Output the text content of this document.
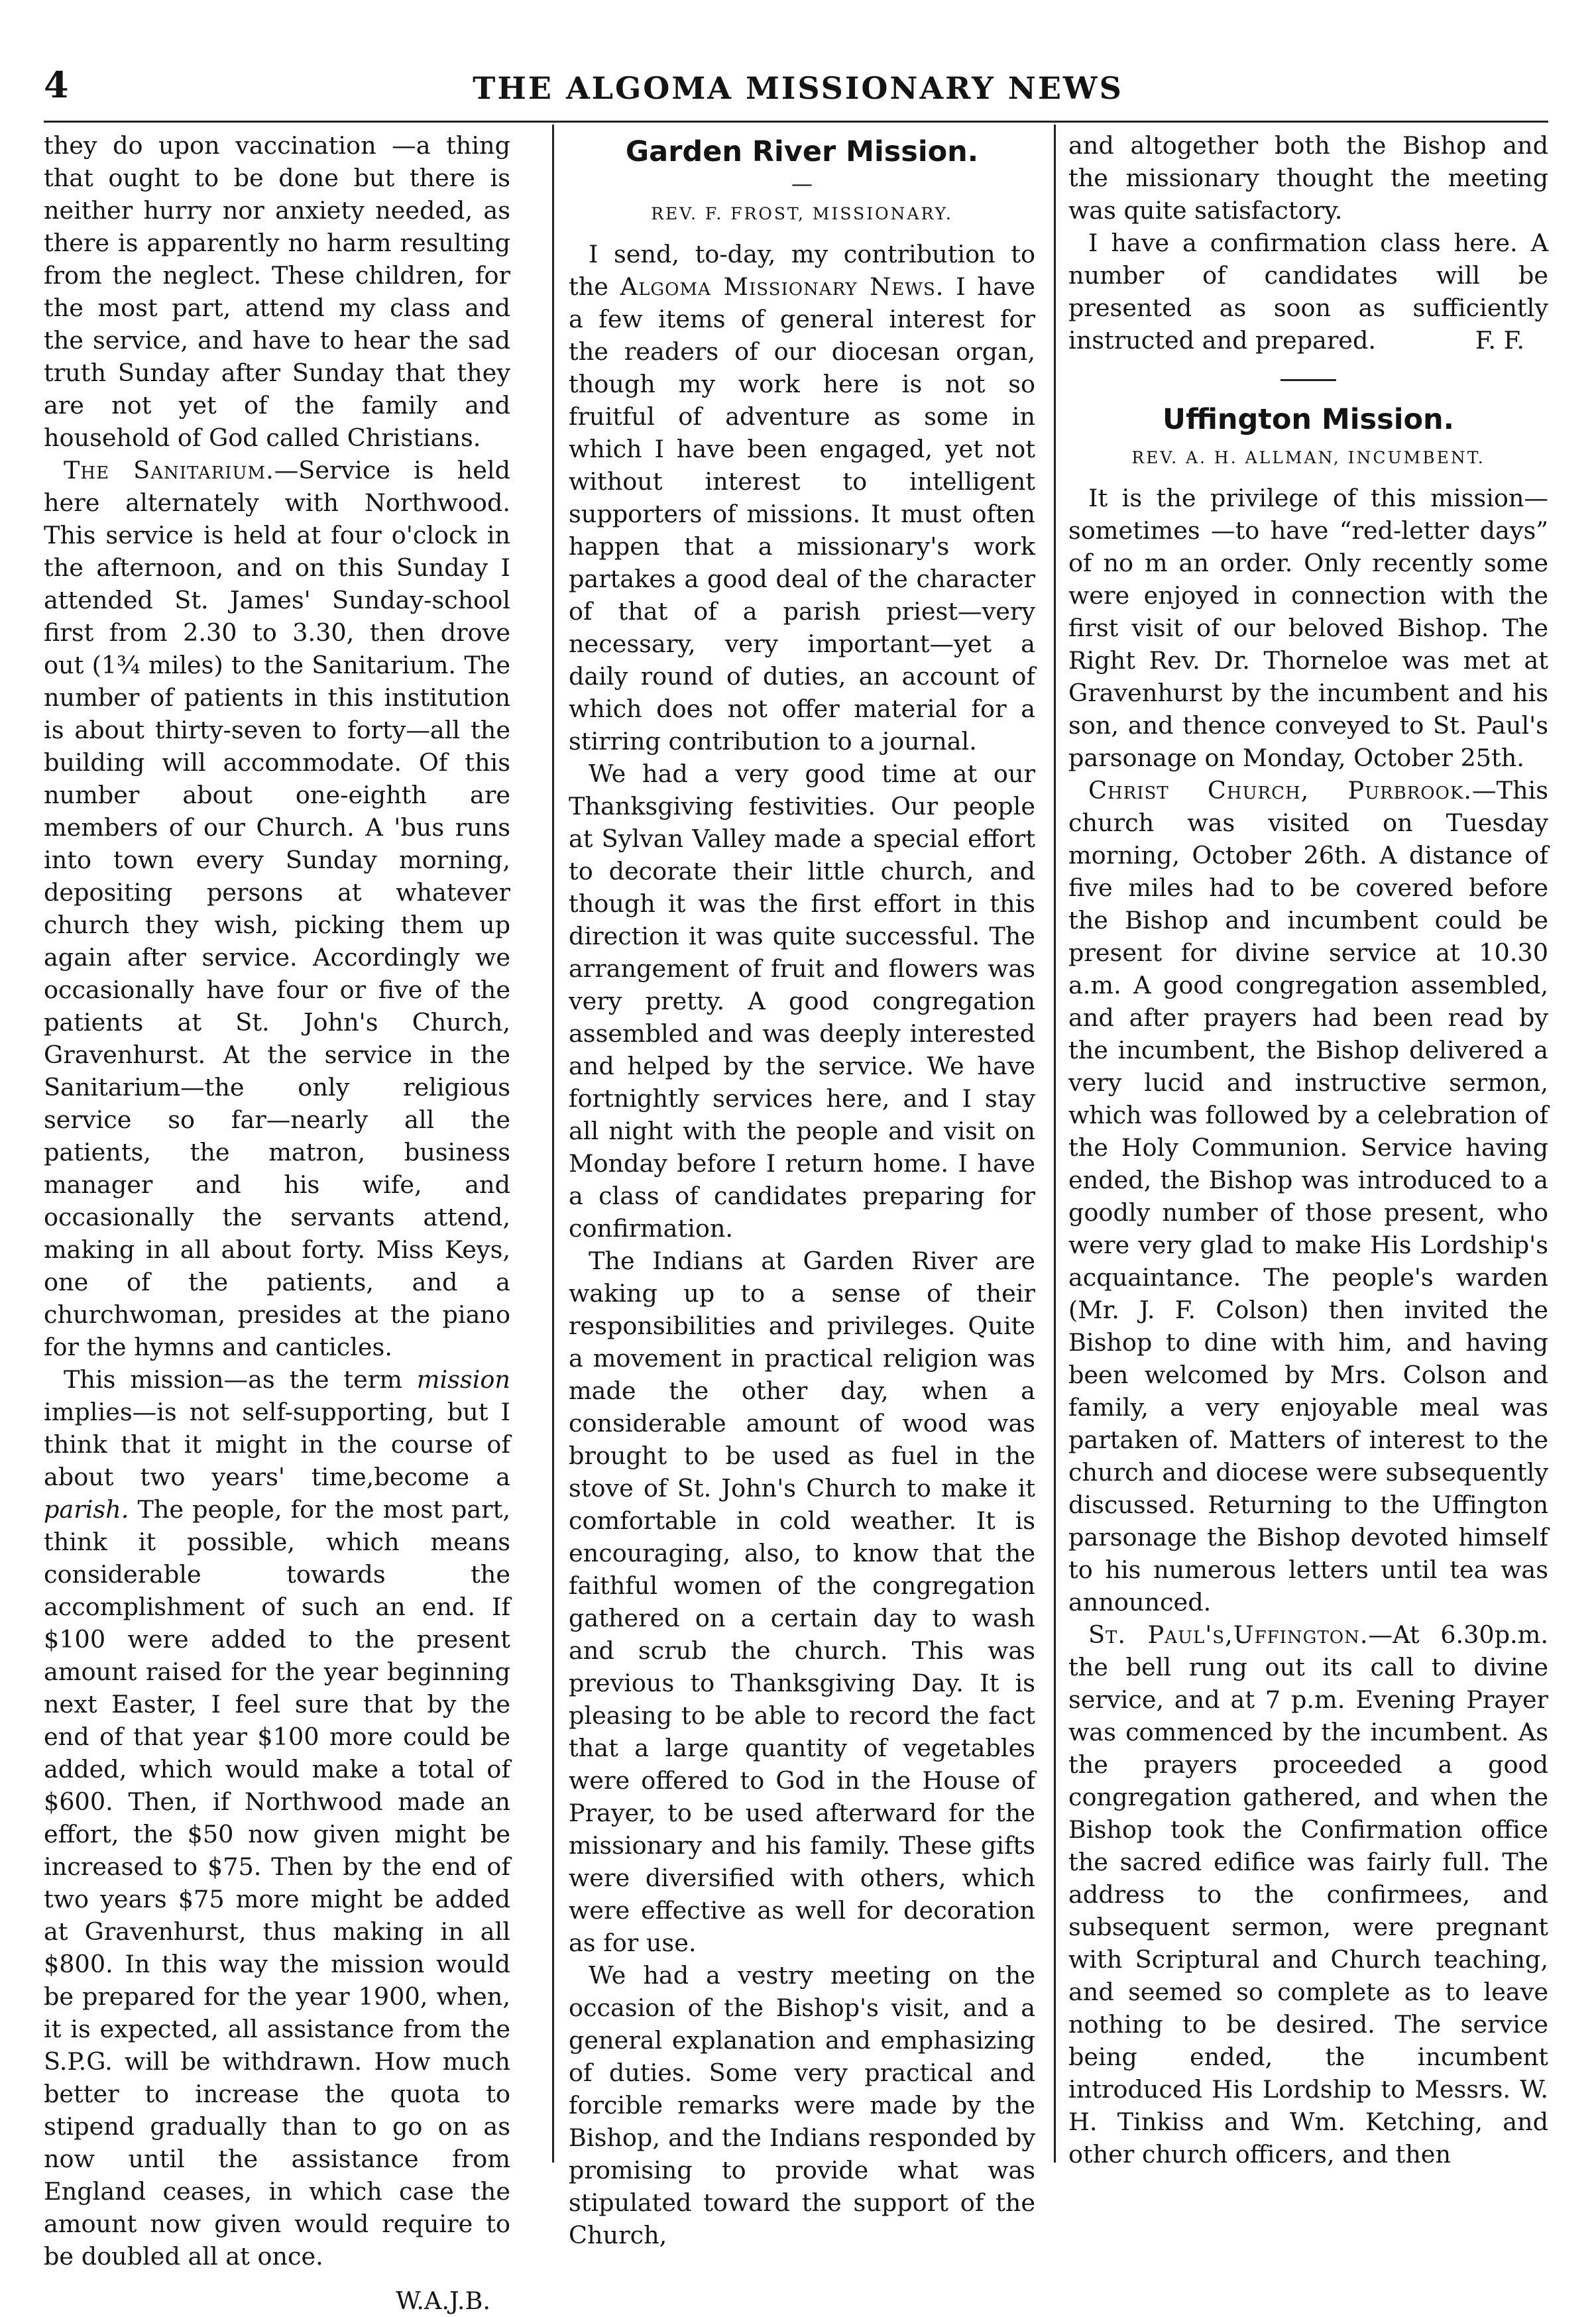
4	THE ALGOMA MISSIONARY NEWS

they do upon vaccination —a thing that ought to be done but there is neither hurry nor anxiety needed, as there is apparently no harm resulting from the neglect. These children, for the most part, attend my class and the service, and have to hear the sad truth Sunday after Sunday that they are not yet of the family and household of God called Christians.

The Sanitarium.—Service is held here alternately with Northwood. This service is held at four o'clock in the afternoon, and on this Sunday I attended St. James' Sunday-school first from 2.30 to 3.30, then drove out (1¾ miles) to the Sanitarium. The number of patients in this institution is about thirty-seven to forty—all the building will accommodate. Of this number about one-eighth are members of our Church. A 'bus runs into town every Sunday morning, depositing persons at whatever church they wish, picking them up again after service. Accordingly we occasionally have four or five of the patients at St. John's Church, Gravenhurst. At the service in the Sanitarium—the only religious service so far—nearly all the patients, the matron, business manager and his wife, and occasionally the servants attend, making in all about forty. Miss Keys, one of the patients, and a churchwoman, presides at the piano for the hymns and canticles.

This mission—as the term mission implies—is not self-supporting, but I think that it might in the course of about two years' time,become a parish. The people, for the most part, think it possible, which means considerable towards the accomplishment of such an end. If $100 were added to the present amount raised for the year beginning next Easter, I feel sure that by the end of that year $100 more could be added, which would make a total of $600. Then, if Northwood made an effort, the $50 now given might be increased to $75. Then by the end of two years $75 more might be added at Gravenhurst, thus making in all $800. In this way the mission would be prepared for the year 1900, when, it is expected, all assistance from the S.P.G. will be withdrawn. How much better to increase the quota to stipend gradually than to go on as now until the assistance from England ceases, in which case the amount now given would require to be doubled all at once.

W.A.J.B.
Garden River Mission.
—
REV. F. FROST, MISSIONARY.

I send, to-day, my contribution to the Algoma Missionary News. I have a few items of general interest for the readers of our diocesan organ, though my work here is not so fruitful of adventure as some in which I have been engaged, yet not without interest to intelligent supporters of missions. It must often happen that a missionary's work partakes a good deal of the character of that of a parish priest—very necessary, very important—yet a daily round of duties, an account of which does not offer material for a stirring contribution to a journal.

We had a very good time at our Thanksgiving festivities. Our people at Sylvan Valley made a special effort to decorate their little church, and though it was the first effort in this direction it was quite successful. The arrangement of fruit and flowers was very pretty. A good congregation assembled and was deeply interested and helped by the service. We have fortnightly services here, and I stay all night with the people and visit on Monday before I return home. I have a class of candidates preparing for confirmation.

The Indians at Garden River are waking up to a sense of their responsibilities and privileges. Quite a movement in practical religion was made the other day, when a considerable amount of wood was brought to be used as fuel in the stove of St. John's Church to make it comfortable in cold weather. It is encouraging, also, to know that the faithful women of the congregation gathered on a certain day to wash and scrub the church. This was previous to Thanksgiving Day. It is pleasing to be able to record the fact that a large quantity of vegetables were offered to God in the House of Prayer, to be used afterward for the missionary and his family. These gifts were diversified with others, which were effective as well for decoration as for use.

We had a vestry meeting on the occasion of the Bishop's visit, and a general explanation and emphasizing of duties. Some very practical and forcible remarks were made by the Bishop, and the Indians responded by promising to provide what was stipulated toward the support of the Church,

and altogether both the Bishop and the missionary thought the meeting was quite satisfactory.

I have a confirmation class here. A number of candidates will be presented as soon as sufficiently instructed and prepared.	F. F.

Uffington Mission.
REV. A. H. ALLMAN, INCUMBENT.

It is the privilege of this mission—sometimes —to have “red-letter days” of no m an order. Only recently some were enjoyed in connection with the first visit of our beloved Bishop. The Right Rev. Dr. Thorneloe was met at Gravenhurst by the incumbent and his son, and thence conveyed to St. Paul's parsonage on Monday, October 25th.

Christ Church, Purbrook.—This church was visited on Tuesday morning, October 26th. A distance of five miles had to be covered before the Bishop and incumbent could be present for divine service at 10.30 a.m. A good congregation assembled, and after prayers had been read by the incumbent, the Bishop delivered a very lucid and instructive sermon, which was followed by a celebration of the Holy Communion. Service having ended, the Bishop was introduced to a goodly number of those present, who were very glad to make His Lordship's acquaintance. The people's warden (Mr. J. F. Colson) then invited the Bishop to dine with him, and having been welcomed by Mrs. Colson and family, a very enjoyable meal was partaken of. Matters of interest to the church and diocese were subsequently discussed. Returning to the Uffington parsonage the Bishop devoted himself to his numerous letters until tea was announced.

St. Paul's,Uffington.—At 6.30p.m. the bell rung out its call to divine service, and at 7 p.m. Evening Prayer was commenced by the incumbent. As the prayers proceeded a good congregation gathered, and when the Bishop took the Confirmation office the sacred edifice was fairly full. The address to the confirmees, and subsequent sermon, were pregnant with Scriptural and Church teaching, and seemed so complete as to leave nothing to be desired. The service being ended, the incumbent introduced His Lordship to Messrs. W. H. Tinkiss and Wm. Ketching, and other church officers, and then
